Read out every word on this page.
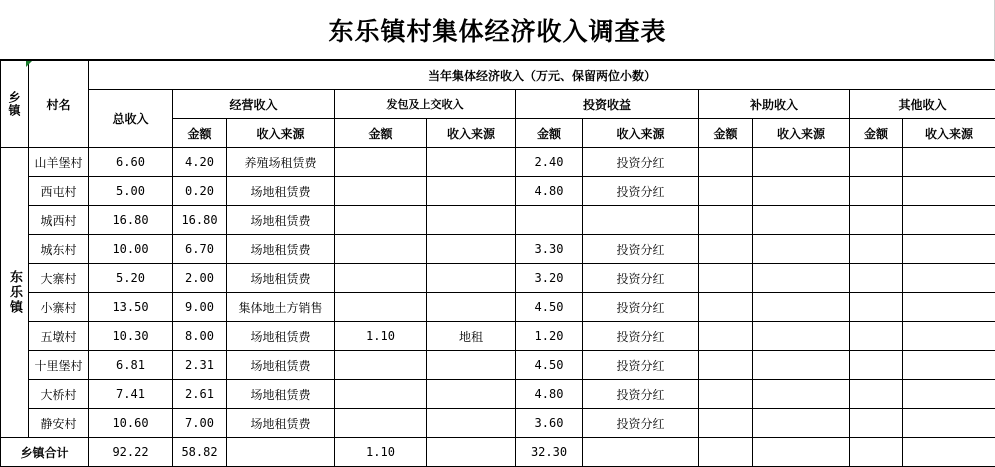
东乐镇村集体经济收入调查表
乡镇	村名	当年集体经济收入（万元、保留两位小数）										
		总收入	经营收入		发包及上交收入		投资收益		补助收入		其他收入	
			金额	收入来源	金额	收入来源	金额	收入来源	金额	收入来源	金额	收入来源

东乐镇	山羊堡村	6.60	4.20	养殖场租赁费			2.40	投资分红				
	西屯村	5.00	0.20	场地租赁费			4.80	投资分红				
	城西村	16.80	16.80	场地租赁费								
	城东村	10.00	6.70	场地租赁费			3.30	投资分红				
	大寨村	5.20	2.00	场地租赁费			3.20	投资分红				
	小寨村	13.50	9.00	集体地土方销售			4.50	投资分红				
	五墩村	10.30	8.00	场地租赁费	1.10	地租	1.20	投资分红				
	十里堡村	6.81	2.31	场地租赁费			4.50	投资分红				
	大桥村	7.41	2.61	场地租赁费			4.80	投资分红				
	静安村	10.60	7.00	场地租赁费			3.60	投资分红				
乡镇合计		92.22	58.82		1.10		32.30					
